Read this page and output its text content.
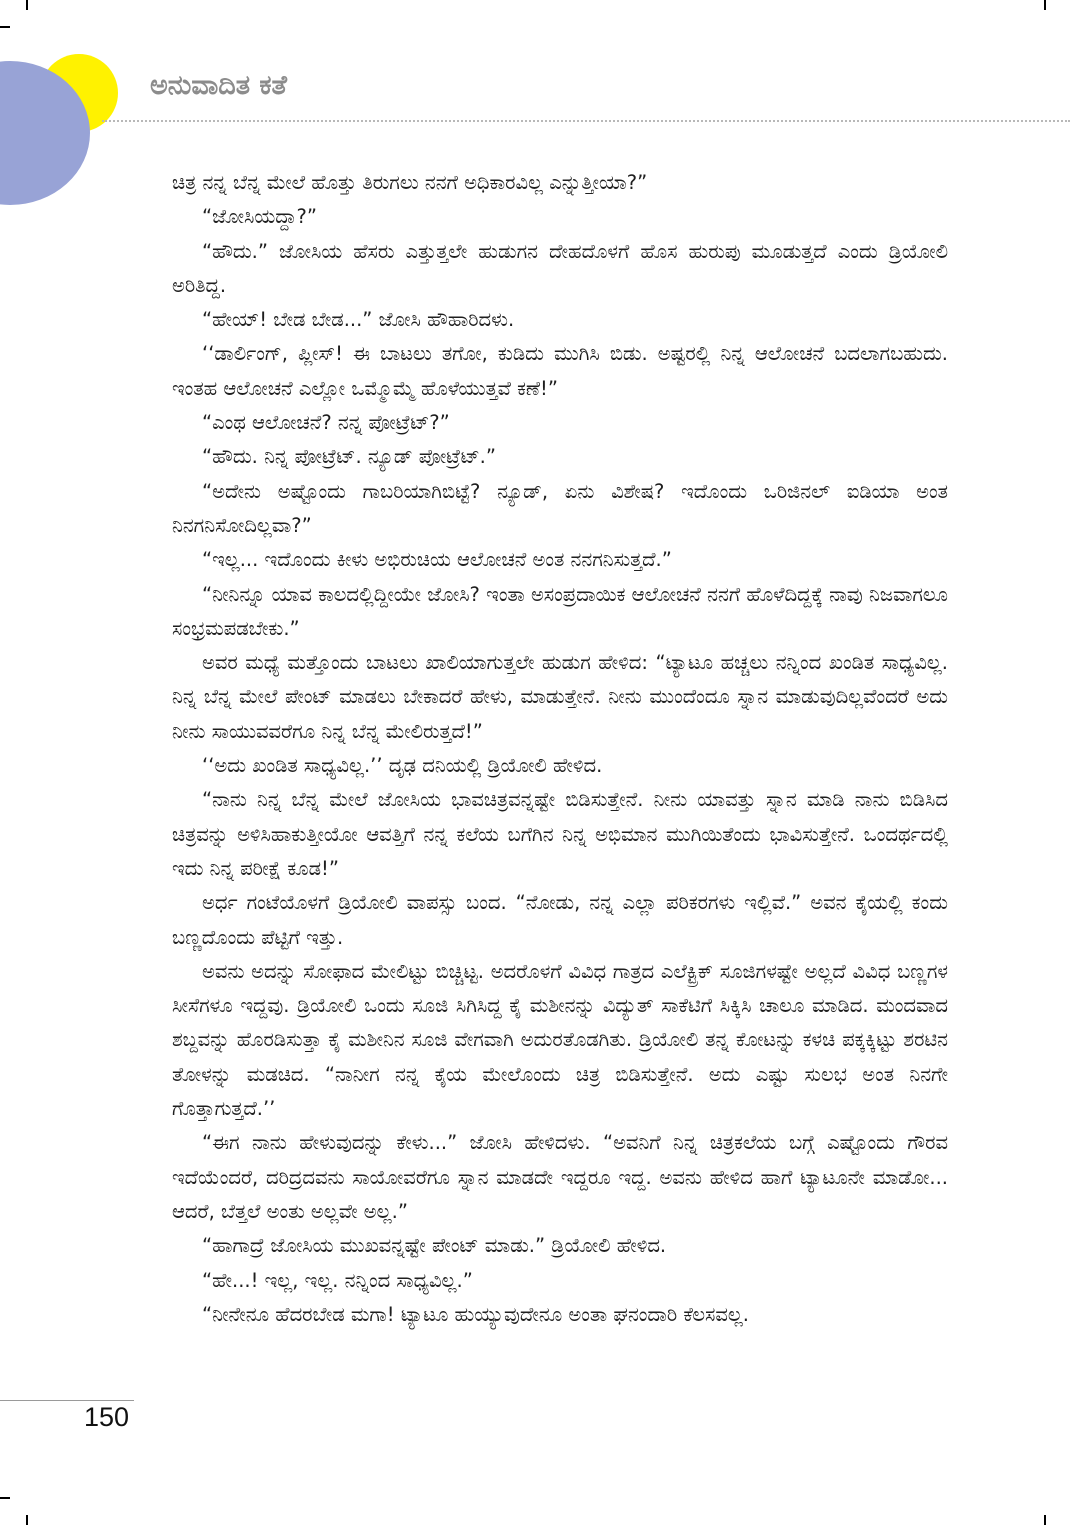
ಅನುವಾದಿತ ಕತೆ

ಚಿತ್ರ ನನ್ನ ಬೆನ್ನ ಮೇಲೆ ಹೊತ್ತು ತಿರುಗಲು ನನಗೆ ಅಧಿಕಾರವಿಲ್ಲ ಎನ್ನುತ್ತೀಯಾ?”

“ಜೋಸಿಯದ್ದಾ?”

“ಹೌದು.” ಜೋಸಿಯ ಹೆಸರು ಎತ್ತುತ್ತಲೇ ಹುಡುಗನ ದೇಹದೊಳಗೆ ಹೊಸ ಹುರುಪು ಮೂಡುತ್ತದೆ ಎಂದು ಡ್ರಿಯೋಲಿ ಅರಿತಿದ್ದ.

“ಹೇಯ್! ಬೇಡ ಬೇಡ...” ಜೋಸಿ ಹೌಹಾರಿದಳು.

‘‘ಡಾರ್ಲಿಂಗ್, ಪ್ಲೀಸ್! ಈ ಬಾಟಲು ತಗೋ, ಕುಡಿದು ಮುಗಿಸಿ ಬಿಡು. ಅಷ್ಟರಲ್ಲಿ ನಿನ್ನ ಆಲೋಚನೆ ಬದಲಾಗಬಹುದು. ಇಂತಹ ಆಲೋಚನೆ ಎಲ್ಲೋ ಒಮ್ಮೊಮ್ಮೆ ಹೊಳೆಯುತ್ತವೆ ಕಣೆ!”

“ಎಂಥ ಆಲೋಚನೆ? ನನ್ನ ಪೋಟ್ರೆಟ್?”

“ಹೌದು. ನಿನ್ನ ಪೋಟ್ರೆಟ್. ನ್ಯೂಡ್ ಪೋಟ್ರೆಟ್.”

“ಅದೇನು ಅಷ್ಟೊಂದು ಗಾಬರಿಯಾಗಿಬಿಟ್ಟೆ? ನ್ಯೂಡ್, ಏನು ವಿಶೇಷ? ಇದೊಂದು ಒರಿಜಿನಲ್ ಐಡಿಯಾ ಅಂತ ನಿನಗನಿಸೋದಿಲ್ಲವಾ?”

“ಇಲ್ಲ... ಇದೊಂದು ಕೀಳು ಅಭಿರುಚಿಯ ಆಲೋಚನೆ ಅಂತ ನನಗನಿಸುತ್ತದೆ.”

“ನೀನಿನ್ನೂ ಯಾವ ಕಾಲದಲ್ಲಿದ್ದೀಯೇ ಜೋಸಿ? ಇಂತಾ ಅಸಂಪ್ರದಾಯಿಕ ಆಲೋಚನೆ ನನಗೆ ಹೊಳೆದಿದ್ದಕ್ಕೆ ನಾವು ನಿಜವಾಗಲೂ ಸಂಭ್ರಮಪಡಬೇಕು.”

ಅವರ ಮಧ್ಯೆ ಮತ್ತೊಂದು ಬಾಟಲು ಖಾಲಿಯಾಗುತ್ತಲೇ ಹುಡುಗ ಹೇಳಿದ: “ಟ್ಯಾಟೂ ಹಚ್ಚಲು ನನ್ನಿಂದ ಖಂಡಿತ ಸಾಧ್ಯವಿಲ್ಲ. ನಿನ್ನ ಬೆನ್ನ ಮೇಲೆ ಪೇಂಟ್ ಮಾಡಲು ಬೇಕಾದರೆ ಹೇಳು, ಮಾಡುತ್ತೇನೆ. ನೀನು ಮುಂದೆಂದೂ ಸ್ನಾನ ಮಾಡುವುದಿಲ್ಲವೆಂದರೆ ಅದು ನೀನು ಸಾಯುವವರೆಗೂ ನಿನ್ನ ಬೆನ್ನ ಮೇಲಿರುತ್ತದೆ!”

‘‘ಅದು ಖಂಡಿತ ಸಾಧ್ಯವಿಲ್ಲ.’’ ದೃಢ ದನಿಯಲ್ಲಿ ಡ್ರಿಯೋಲಿ ಹೇಳಿದ.

“ನಾನು ನಿನ್ನ ಬೆನ್ನ ಮೇಲೆ ಜೋಸಿಯ ಭಾವಚಿತ್ರವನ್ನಷ್ಟೇ ಬಿಡಿಸುತ್ತೇನೆ. ನೀನು ಯಾವತ್ತು ಸ್ನಾನ ಮಾಡಿ ನಾನು ಬಿಡಿಸಿದ ಚಿತ್ರವನ್ನು ಅಳಿಸಿಹಾಕುತ್ತೀಯೋ ಆವತ್ತಿಗೆ ನನ್ನ ಕಲೆಯ ಬಗೆಗಿನ ನಿನ್ನ ಅಭಿಮಾನ ಮುಗಿಯಿತೆಂದು ಭಾವಿಸುತ್ತೇನೆ. ಒಂದರ್ಥದಲ್ಲಿ ಇದು ನಿನ್ನ ಪರೀಕ್ಷೆ ಕೂಡ!”

ಅರ್ಧ ಗಂಟೆಯೊಳಗೆ ಡ್ರಿಯೋಲಿ ವಾಪಸ್ಸು ಬಂದ. “ನೋಡು, ನನ್ನ ಎಲ್ಲಾ ಪರಿಕರಗಳು ಇಲ್ಲಿವೆ.” ಅವನ ಕೈಯಲ್ಲಿ ಕಂದು ಬಣ್ಣದೊಂದು ಪೆಟ್ಟಿಗೆ ಇತ್ತು.

ಅವನು ಅದನ್ನು ಸೋಫಾದ ಮೇಲಿಟ್ಟು ಬಿಚ್ಚಿಟ್ಟ. ಅದರೊಳಗೆ ವಿವಿಧ ಗಾತ್ರದ ಎಲೆಕ್ಟ್ರಿಕ್ ಸೂಜಿಗಳಷ್ಟೇ ಅಲ್ಲದೆ ವಿವಿಧ ಬಣ್ಣಗಳ ಸೀಸೆಗಳೂ ಇದ್ದವು. ಡ್ರಿಯೋಲಿ ಒಂದು ಸೂಜಿ ಸಿಗಿಸಿದ್ದ ಕೈ ಮಶೀನನ್ನು ವಿದ್ಯುತ್ ಸಾಕೆಟಿಗೆ ಸಿಕ್ಕಿಸಿ ಚಾಲೂ ಮಾಡಿದ. ಮಂದವಾದ ಶಬ್ದವನ್ನು ಹೊರಡಿಸುತ್ತಾ ಕೈ ಮಶೀನಿನ ಸೂಜಿ ವೇಗವಾಗಿ ಅದುರತೊಡಗಿತು. ಡ್ರಿಯೋಲಿ ತನ್ನ ಕೋಟನ್ನು ಕಳಚಿ ಪಕ್ಕಕ್ಕಿಟ್ಟು ಶರಟಿನ ತೋಳನ್ನು ಮಡಚಿದ. “ನಾನೀಗ ನನ್ನ ಕೈಯ ಮೇಲೊಂದು ಚಿತ್ರ ಬಿಡಿಸುತ್ತೇನೆ. ಅದು ಎಷ್ಟು ಸುಲಭ ಅಂತ ನಿನಗೇ ಗೊತ್ತಾಗುತ್ತದೆ.’’

“ಈಗ ನಾನು ಹೇಳುವುದನ್ನು ಕೇಳು...” ಜೋಸಿ ಹೇಳಿದಳು. “ಅವನಿಗೆ ನಿನ್ನ ಚಿತ್ರಕಲೆಯ ಬಗ್ಗೆ ಎಷ್ಟೊಂದು ಗೌರವ ಇದೆಯೆಂದರೆ, ದರಿದ್ರದವನು ಸಾಯೋವರೆಗೂ ಸ್ನಾನ ಮಾಡದೇ ಇದ್ದರೂ ಇದ್ದ. ಅವನು ಹೇಳಿದ ಹಾಗೆ ಟ್ಯಾಟೂನೇ ಮಾಡೋ... ಆದರೆ, ಬೆತ್ತಲೆ ಅಂತು ಅಲ್ಲವೇ ಅಲ್ಲ.”

“ಹಾಗಾದ್ರೆ ಜೋಸಿಯ ಮುಖವನ್ನಷ್ಟೇ ಪೇಂಟ್ ಮಾಡು.” ಡ್ರಿಯೋಲಿ ಹೇಳಿದ.

“ಹೇ...! ಇಲ್ಲ, ಇಲ್ಲ. ನನ್ನಿಂದ ಸಾಧ್ಯವಿಲ್ಲ.”

“ನೀನೇನೂ ಹೆದರಬೇಡ ಮಗಾ! ಟ್ಯಾಟೂ ಹುಯ್ಯುವುದೇನೂ ಅಂತಾ ಘನಂದಾರಿ ಕೆಲಸವಲ್ಲ.

150
